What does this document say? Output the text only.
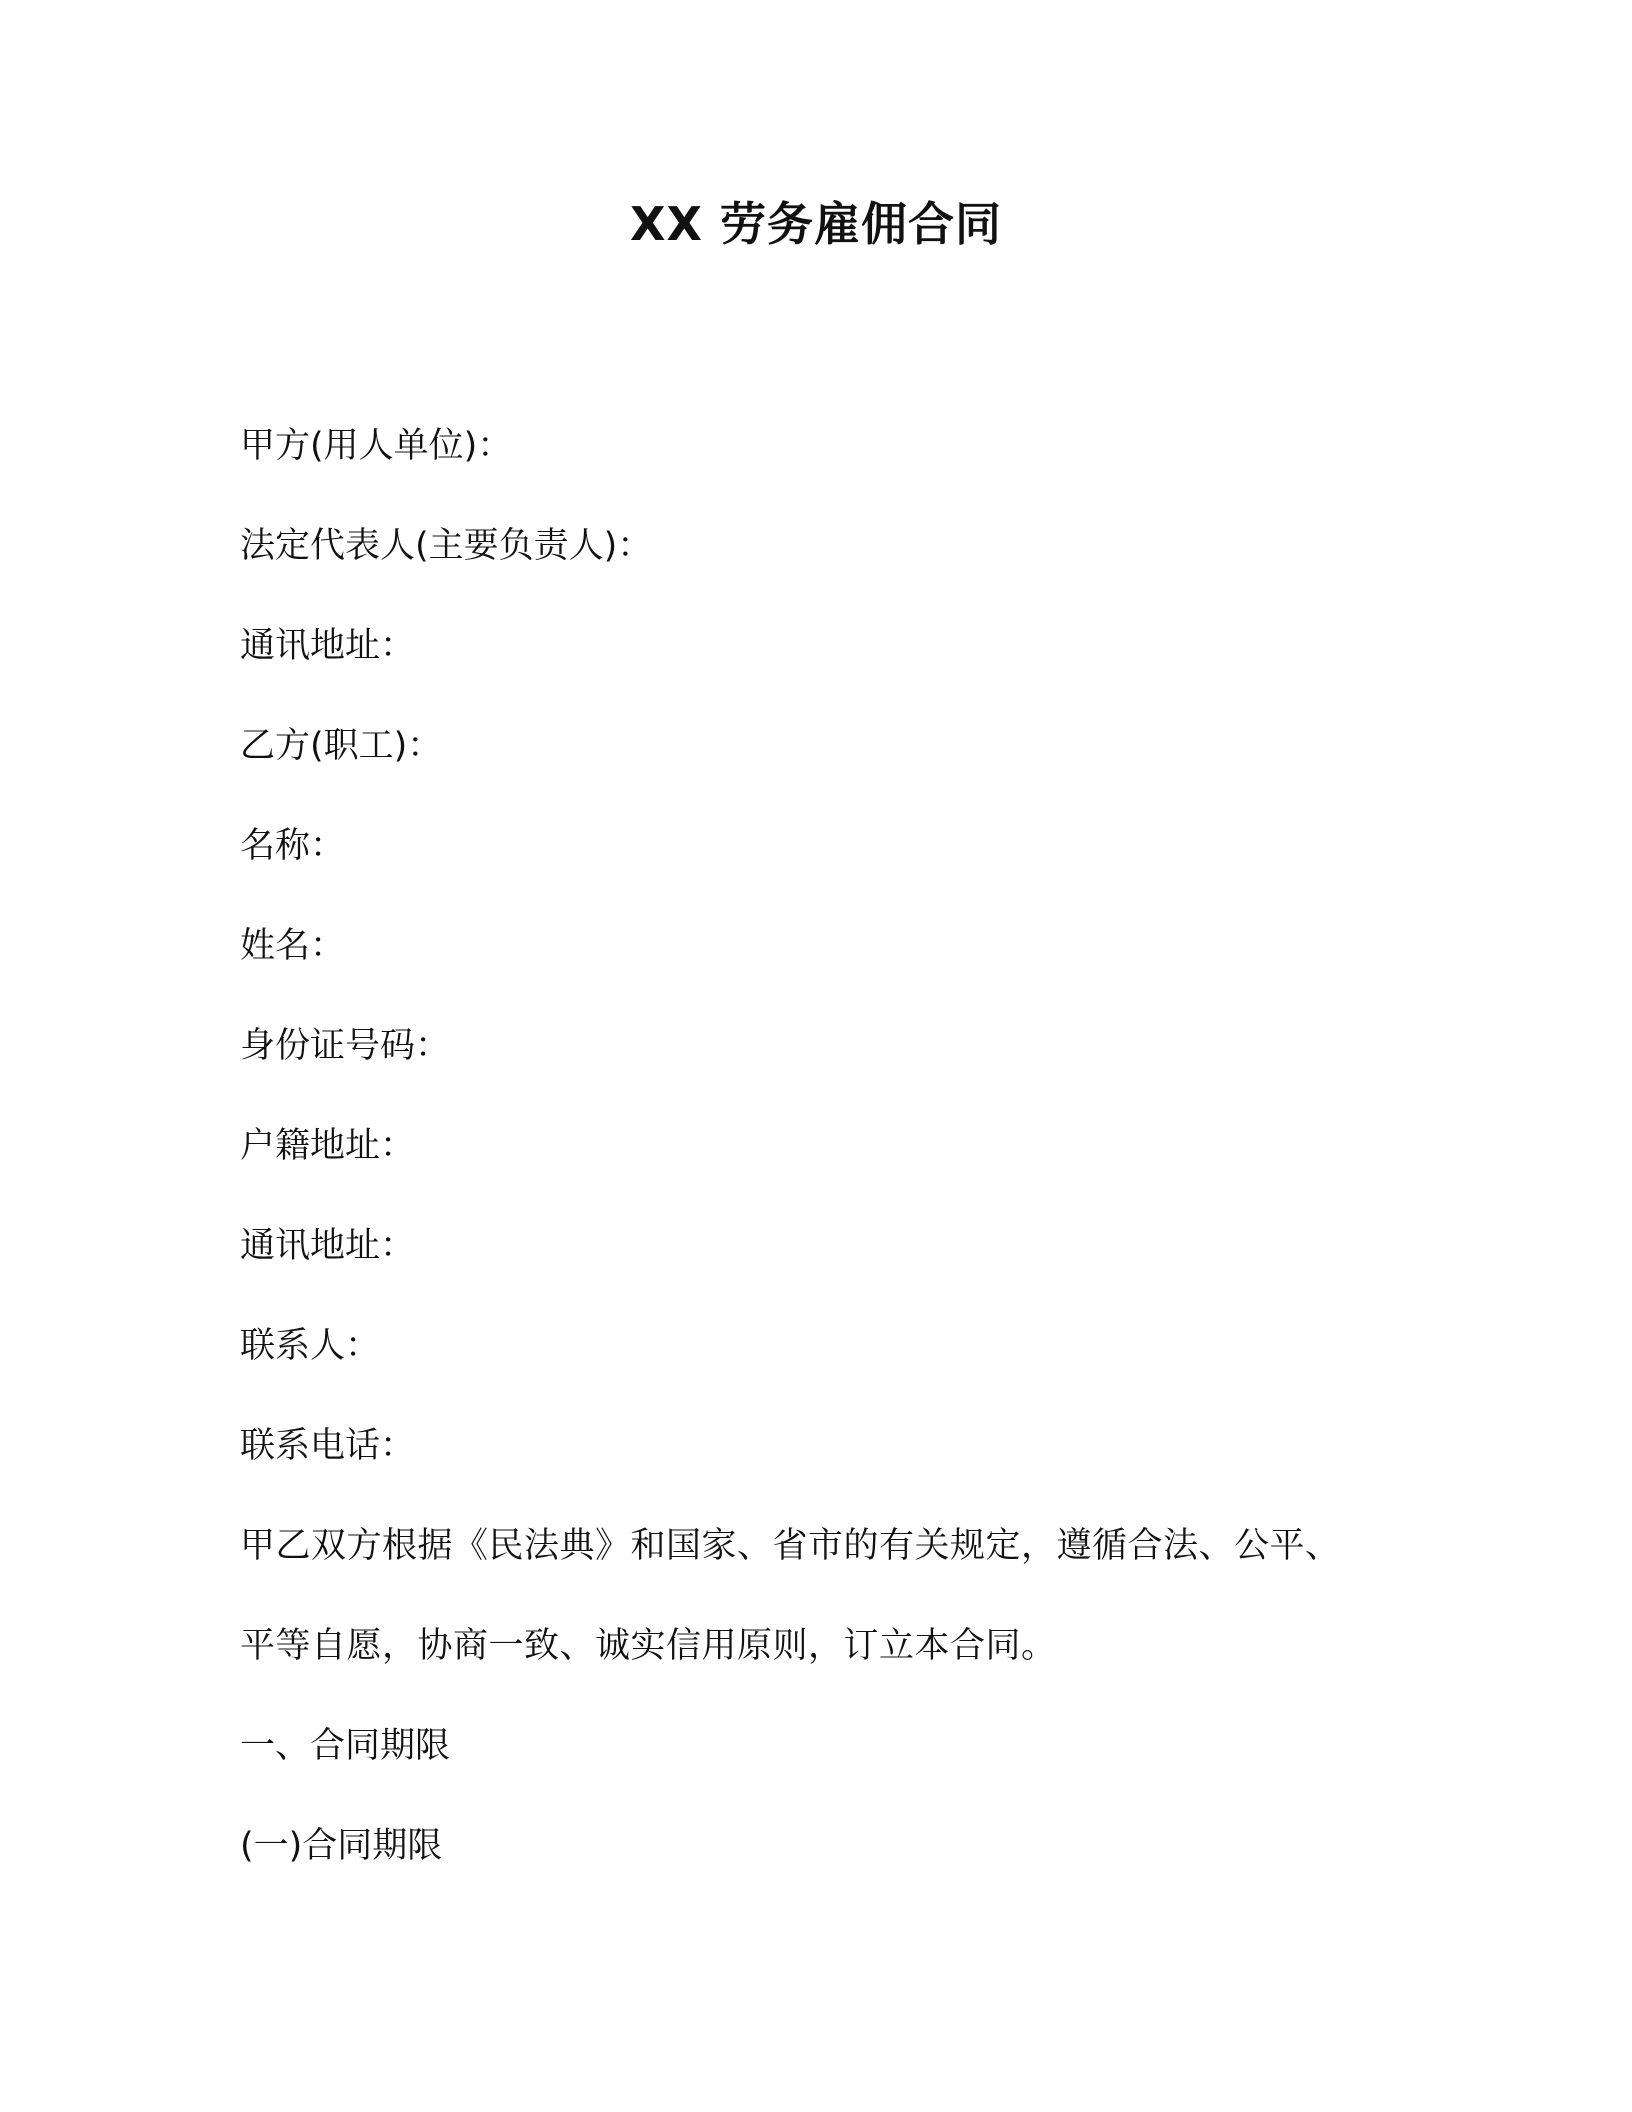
XX 劳务雇佣合同
甲方(用人单位)：
法定代表人(主要负责人)：
通讯地址：
乙方(职工)：
名称：
姓名：
身份证号码：
户籍地址：
通讯地址：
联系人：
联系电话：
甲乙双方根据《民法典》和国家、省市的有关规定，遵循合法、公平、
平等自愿，协商一致、诚实信用原则，订立本合同。
一、合同期限
(一)合同期限
